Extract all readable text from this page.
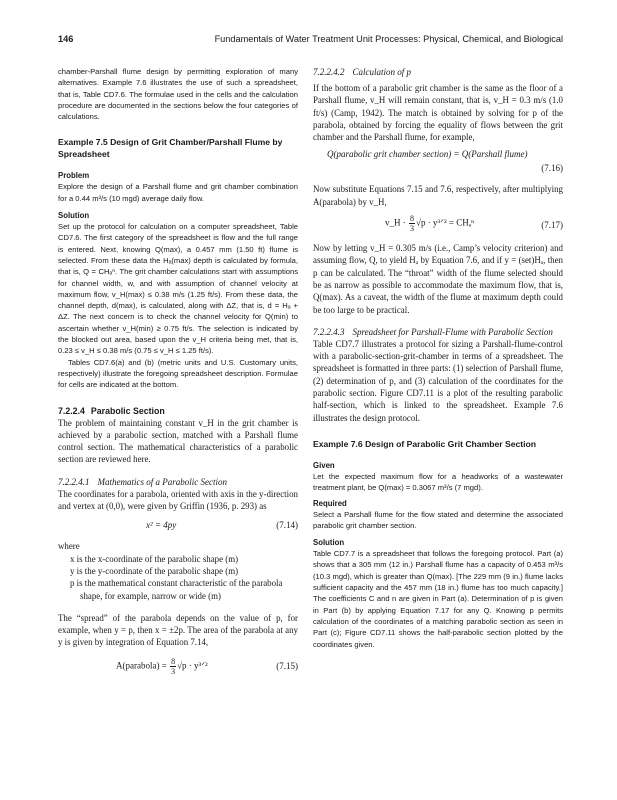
146	Fundamentals of Water Treatment Unit Processes: Physical, Chemical, and Biological

chamber-Parshall flume design by permitting exploration of many alternatives. Example 7.6 illustrates the use of such a spreadsheet, that is, Table CD7.6. The formulae used in the cells and the calculation procedure are documented in the sections below the four categories of calculations.

Example 7.5 Design of Grit Chamber/Parshall Flume by Spreadsheet

Problem

Explore the design of a Parshall flume and grit chamber combination for a 0.44 m³/s (10 mgd) average daily flow.

Solution

Set up the protocol for calculation on a computer spreadsheet, Table CD7.6. The first category of the spreadsheet is flow and the full range is entered. Next, knowing Q(max), a 0.457 mm (1.50 ft) flume is selected. From these data the Hₐ(max) depth is calculated by formula, that is, Q = CHₐⁿ. The grit chamber calculations start with assumptions for channel width, w, and with assumption of channel velocity at maximum flow, v_H(max) ≤ 0.38 m/s (1.25 ft/s). From these data, the channel depth, d(max), is calculated, along with ΔZ, that is, d = Hₐ + ΔZ. The next concern is to check the channel velocity for Q(min) to ascertain whether v_H(min) ≥ 0.75 ft/s. The selection is indicated by the blocked out area, based upon the v_H criteria being met, that is, 0.23 ≤ v_H ≤ 0.38 m/s (0.75 ≤ v_H ≤ 1.25 ft/s).

Tables CD7.6(a) and (b) (metric units and U.S. Customary units, respectively) illustrate the foregoing spreadsheet description. Formulae for cells are indicated at the bottom.

7.2.2.4 Parabolic Section

The problem of maintaining constant v_H in the grit chamber is achieved by a parabolic section, matched with a Parshall flume control section. The mathematical characteristics of a parabolic section are reviewed here.

7.2.2.4.1 Mathematics of a Parabolic Section

The coordinates for a parabola, oriented with axis in the y-direction and vertex at (0,0), were given by Griffin (1936, p. 293) as

x² = 4py	(7.14)

where

x is the x-coordinate of the parabolic shape (m)
y is the y-coordinate of the parabolic shape (m)
p is the mathematical constant characteristic of the parabola shape, for example, narrow or wide (m)

The “spread” of the parabola depends on the value of p, for example, when y = p, then x = ±2p. The area of the parabola at any y is given by integration of Equation 7.14,

A(parabola) = $\frac{8}{3} √p$ · y³ᐟ²	(7.15)

7.2.2.4.2 Calculation of p

If the bottom of a parabolic grit chamber is the same as the floor of a Parshall flume, v_H will remain constant, that is, v_H = 0.3 m/s (1.0 ft/s) (Camp, 1942). The match is obtained by solving for p of the parabola, obtained by forcing the equality of flows between the grit chamber and the Parshall flume, for example,

Q(parabolic grit chamber section) = Q(Parshall flume)
(7.16)

Now substitute Equations 7.15 and 7.6, respectively, after multiplying A(parabola) by v_H,

v_H · $\frac{8}{3} √p$ · y³ᐟ² = CHₐⁿ	(7.17)

Now by letting v_H = 0.305 m/s (i.e., Camp’s velocity criterion) and assuming flow, Q, to yield Hₐ by Equation 7.6, and if y = (set)Hₐ, then p can be calculated. The “throat” width of the flume selected should be as narrow as possible to accommodate the maximum flow, that is, Q(max). As a caveat, the width of the flume at maximum depth could be too large to be practical.

7.2.2.4.3 Spreadsheet for Parshall-Flume with Parabolic Section

Table CD7.7 illustrates a protocol for sizing a Parshall-flume-control with a parabolic-section-grit-chamber in terms of a spreadsheet. The spreadsheet is formatted in three parts: (1) selection of Parshall flume, (2) determination of p, and (3) calculation of the coordinates for the parabolic section. Figure CD7.11 is a plot of the resulting parabolic half-section, which is linked to the spreadsheet. Example 7.6 illustrates the design protocol.

Example 7.6 Design of Parabolic Grit Chamber Section

Given

Let the expected maximum flow for a headworks of a wastewater treatment plant, be Q(max) = 0.3067 m³/s (7 mgd).

Required

Select a Parshall flume for the flow stated and determine the associated parabolic grit chamber section.

Solution

Table CD7.7 is a spreadsheet that follows the foregoing protocol. Part (a) shows that a 305 mm (12 in.) Parshall flume has a capacity of 0.453 m³/s (10.3 mgd), which is greater than Q(max). [The 229 mm (9 in.) flume lacks sufficient capacity and the 457 mm (18 in.) flume has too much capacity.] The coefficients C and n are given in Part (a). Determination of p is given in Part (b) by applying Equation 7.17 for any Q. Knowing p permits calculation of the coordinates of a matching parabolic section as seen in Part (c); Figure CD7.11 shows the half-parabolic section plotted by the coordinates given.
